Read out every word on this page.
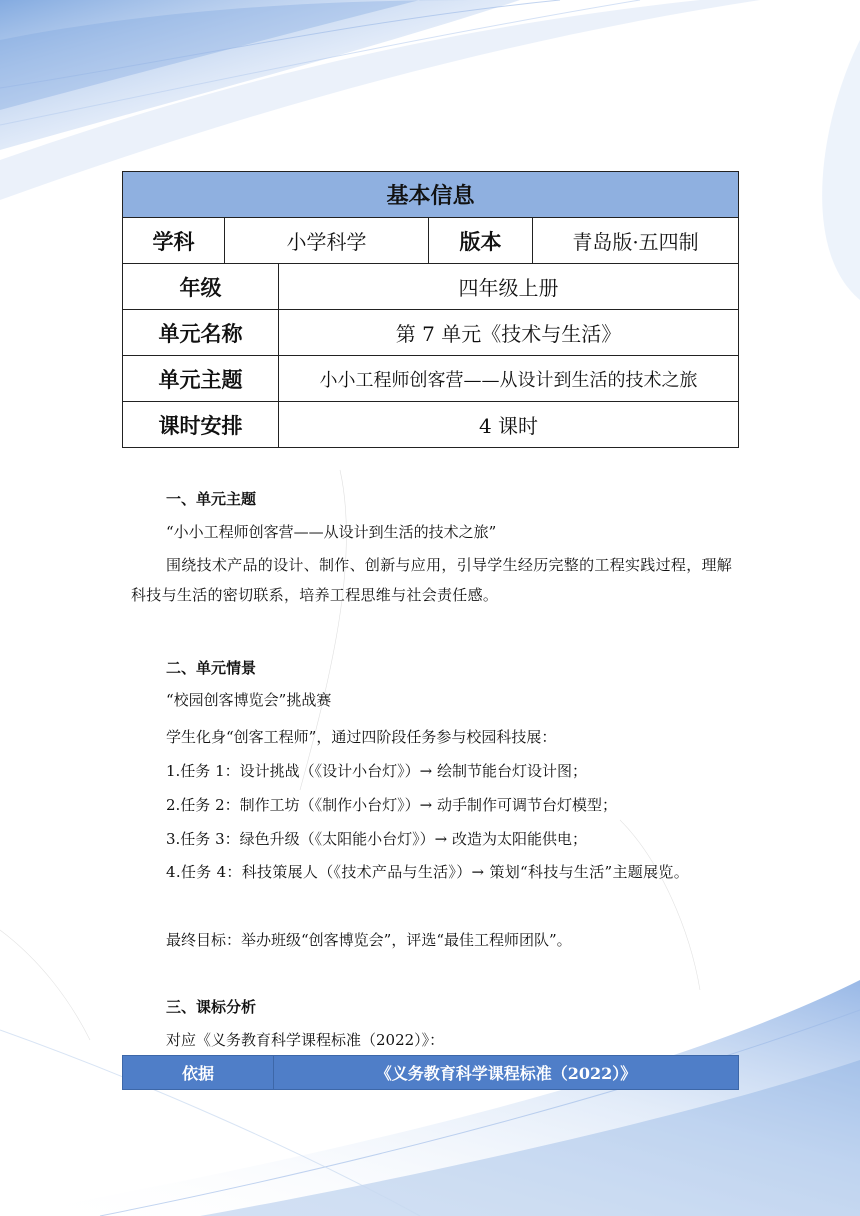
基本信息				
学科	小学科学		版本	青岛版·五四制
年级		四年级上册		
单元名称		第 7 单元《技术与生活》		
单元主题		小小工程师创客营——从设计到生活的技术之旅		
课时安排		4 课时		
一、单元主题
“小小工程师创客营——从设计到生活的技术之旅”
围绕技术产品的设计、制作、创新与应用，引导学生经历完整的工程实践过程，理解科技与生活的密切联系，培养工程思维与社会责任感。
二、单元情景
“校园创客博览会”挑战赛
学生化身“创客工程师”，通过四阶段任务参与校园科技展：
1.任务 1：设计挑战（《设计小台灯》）→ 绘制节能台灯设计图；
2.任务 2：制作工坊（《制作小台灯》）→ 动手制作可调节台灯模型；
3.任务 3：绿色升级（《太阳能小台灯》）→ 改造为太阳能供电；
4.任务 4：科技策展人（《技术产品与生活》）→ 策划“科技与生活”主题展览。
最终目标：举办班级“创客博览会”，评选“最佳工程师团队”。
三、课标分析
对应《义务教育科学课程标准（2022）》：
依据	《义务教育科学课程标准（2022）》
